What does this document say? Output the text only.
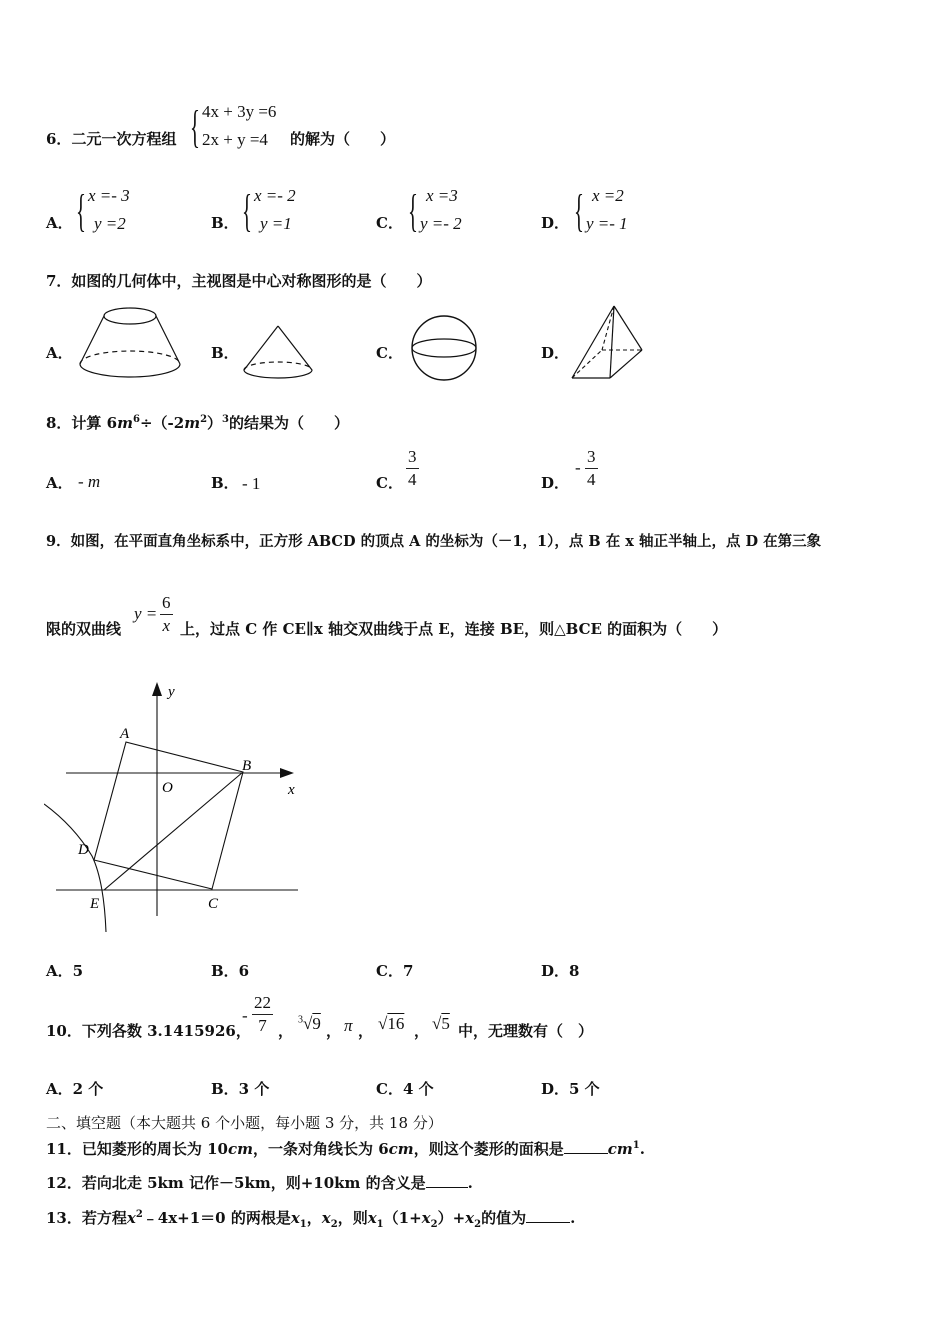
6．二元一次方程组 { 4x + 3y =6
2x + y =4 的解为（　　）
A． { x =- 3
y =2	B． { x =- 2
y =1	C． { x =3
y =- 2	D． { x =2
y =- 1
7．如图的几何体中，主视图是中心对称图形的是（　　）
A．	B．	C．	D．
8．计算 $6m^6\div(-2m^2)^3$的结果为（　　）
A． - m	B． - 1	C． $\frac{3}{4}$	D．
- $\frac{3}{4}$
9．如图，在平面直角坐标系中，正方形 ABCD 的顶点 A 的坐标为（－1，1），点 B 在 x 轴正半轴上，点 D 在第三象
限的双曲线
$y = \frac{6}{x}$ 上，过点 C 作 CE∥x 轴交双曲线于点 E，连接 BE，则△BCE 的面积为（　　）
y
x
A
B
O
D
E	C
A．5	B．6	C．7	D．8
10．下列各数 3.1415926，
- $\frac{22}{7}$ ，
$^3$√9 ， π ， √16 ， √5 中，无理数有（　）
A．2 个	B．3 个	C．4 个	D．5 个
二、填空题（本大题共 6 个小题，每小题 3 分，共 18 分）
11．已知菱形的周长为 10cm，一条对角线长为 6cm，则这个菱形的面积是	$cm^1$.
12．若向北走 5km 记作－5km，则+10km 的含义是	.
13．若方程$x^2﹣4x+1=0$ 的两根是$x_1$，$x_2$，则$x_1(1+x_2)+x_2$的值为	.
